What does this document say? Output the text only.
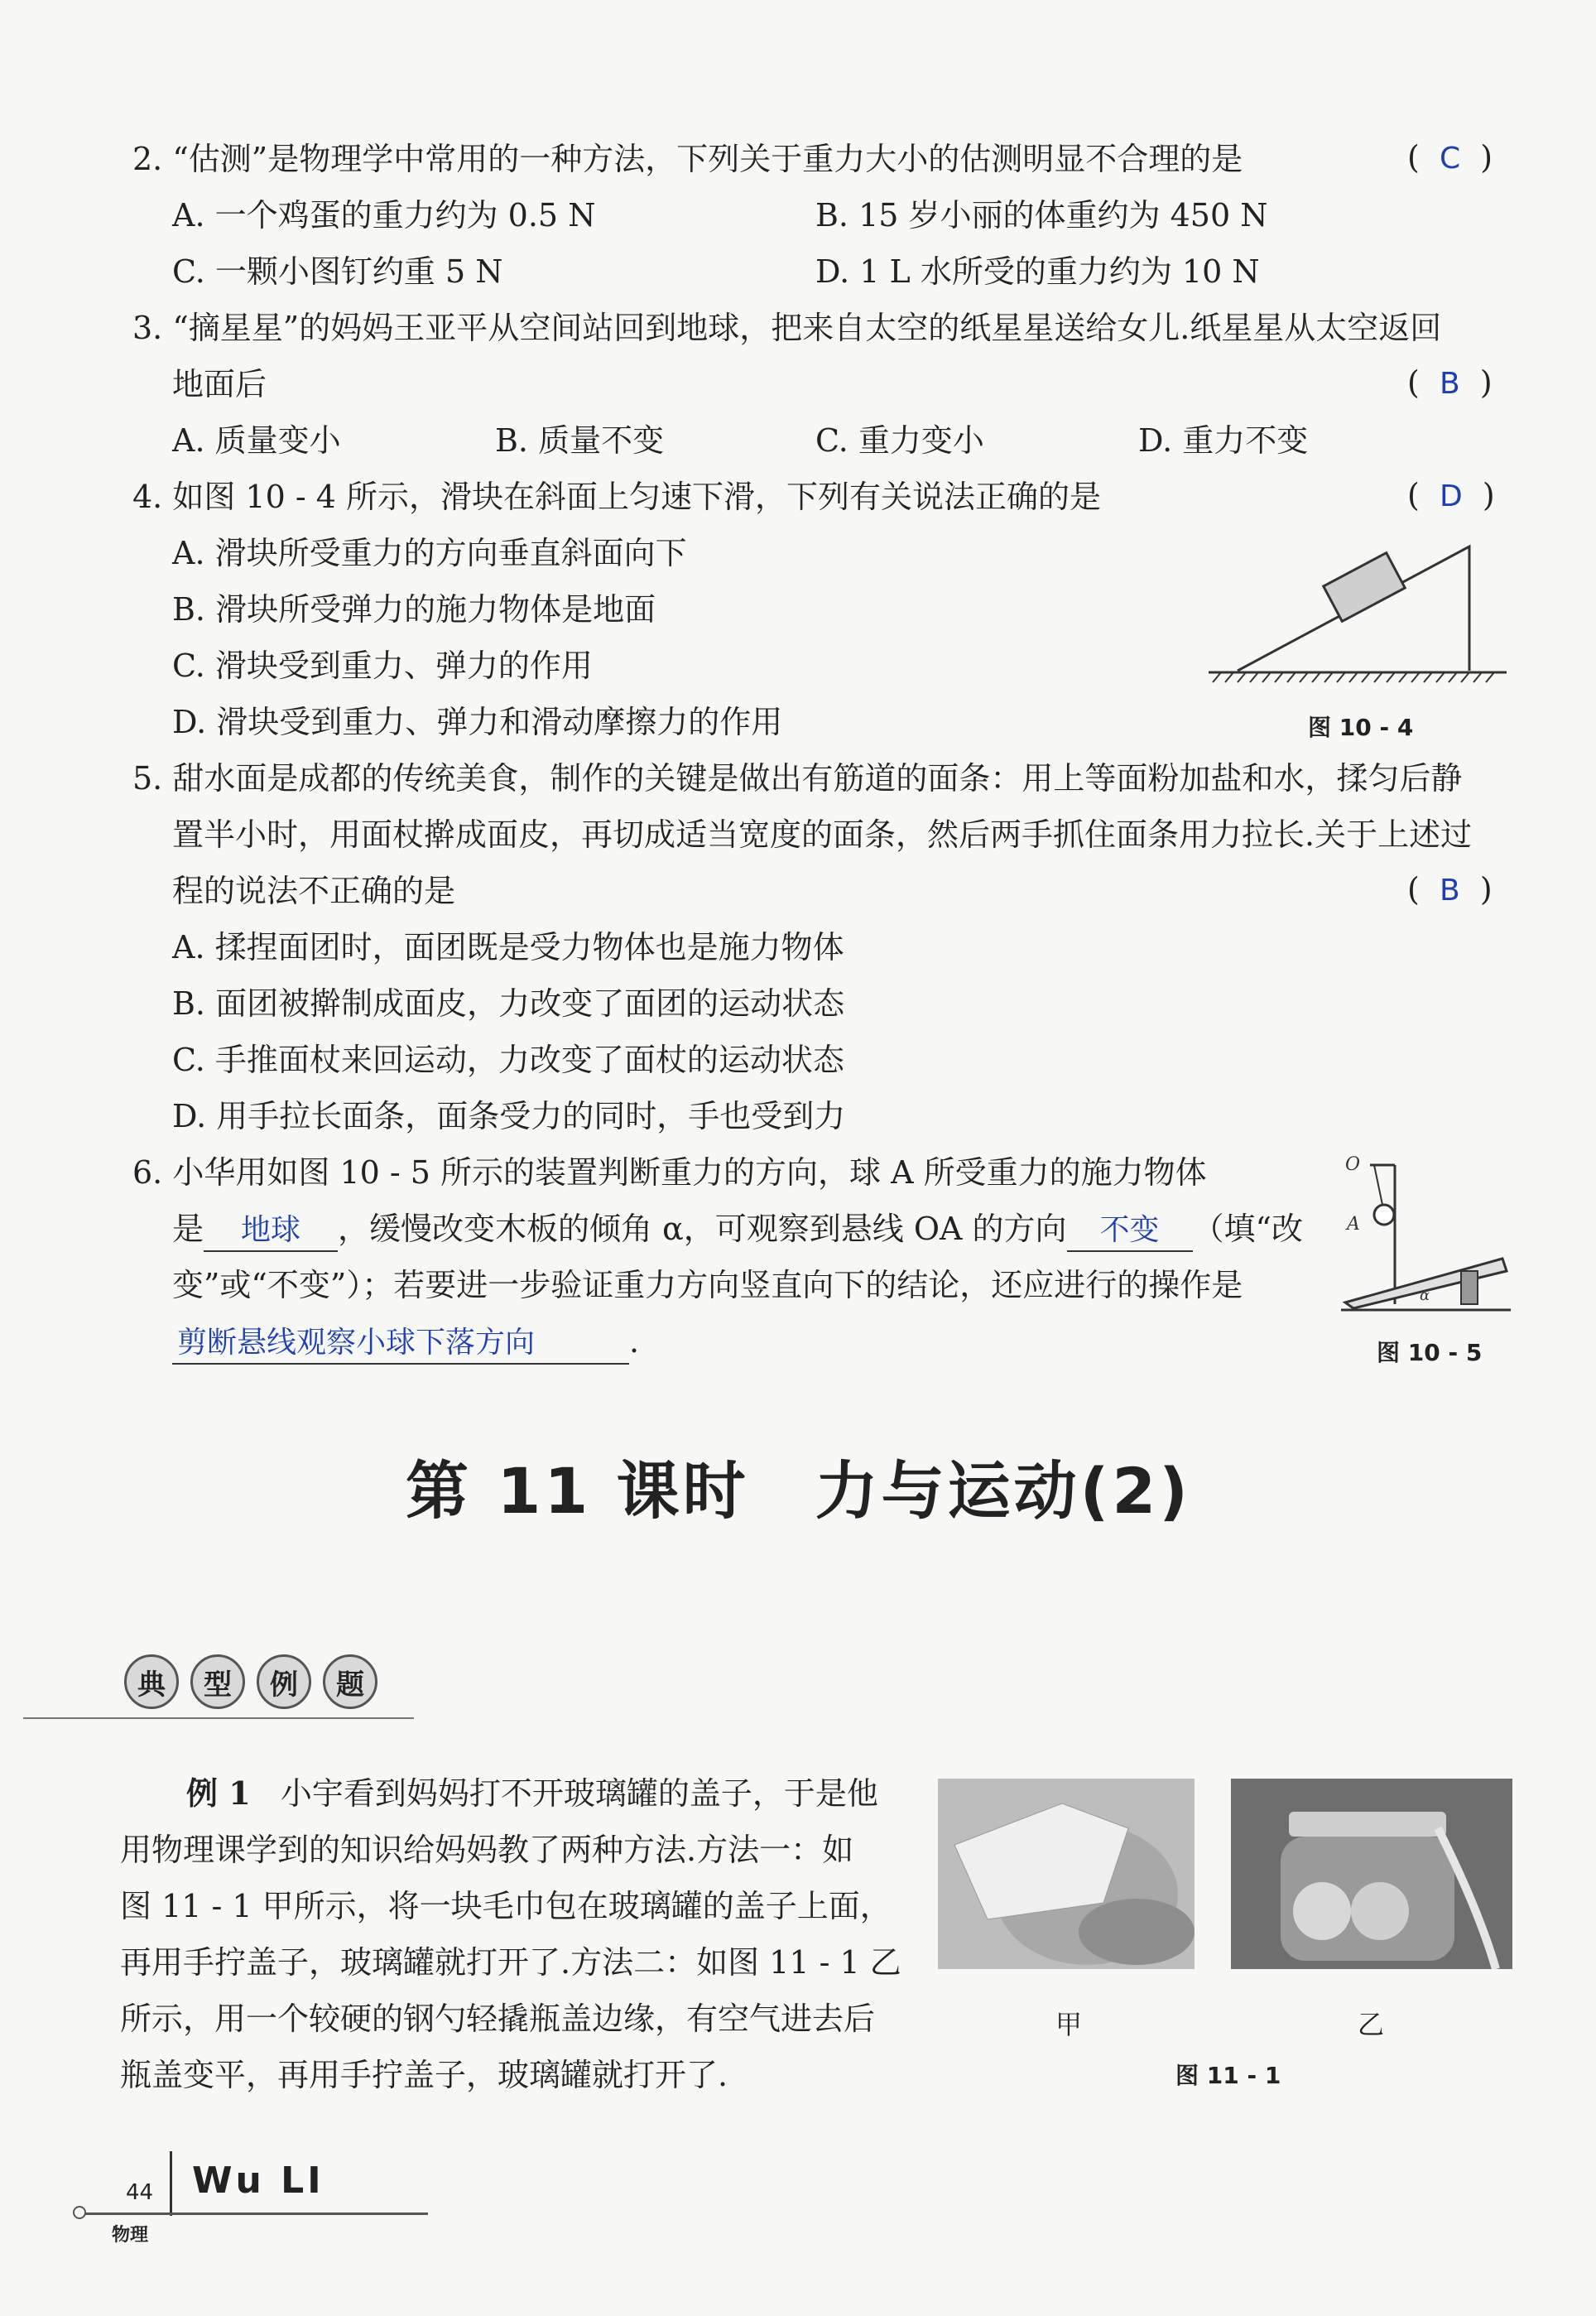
2. “估测”是物理学中常用的一种方法，下列关于重力大小的估测明显不合理的是	(  C  )
A. 一个鸡蛋的重力约为 0.5 N	B. 15 岁小丽的体重约为 450 N
C. 一颗小图钉约重 5 N	D. 1 L 水所受的重力约为 10 N
3. “摘星星”的妈妈王亚平从空间站回到地球，把来自太空的纸星星送给女儿.纸星星从太空返回
地面后	(  B  )
A. 质量变小	B. 质量不变	C. 重力变小	D. 重力不变
4. 如图 10 - 4 所示，滑块在斜面上匀速下滑，下列有关说法正确的是	(  D  )
A. 滑块所受重力的方向垂直斜面向下
B. 滑块所受弹力的施力物体是地面
C. 滑块受到重力、弹力的作用
D. 滑块受到重力、弹力和滑动摩擦力的作用	图 10 - 4
5. 甜水面是成都的传统美食，制作的关键是做出有筋道的面条：用上等面粉加盐和水，揉匀后静
置半小时，用面杖擀成面皮，再切成适当宽度的面条，然后两手抓住面条用力拉长.关于上述过
程的说法不正确的是	(  B  )
A. 揉捏面团时，面团既是受力物体也是施力物体
B. 面团被擀制成面皮，力改变了面团的运动状态
C. 手推面杖来回运动，力改变了面杖的运动状态
D. 用手拉长面条，面条受力的同时，手也受到力
6. 小华用如图 10 - 5 所示的装置判断重力的方向，球 A 所受重力的施力物体
是 地球 ，缓慢改变木板的倾角 α，可观察到悬线 OA 的方向 不变 （填“改
变”或“不变”）；若要进一步验证重力方向竖直向下的结论，还应进行的操作是
剪断悬线观察小球下落方向	.
O
A
α
图 10 - 5
第 11 课时　力与运动(2)
典	型	例	题
例 1 小宇看到妈妈打不开玻璃罐的盖子，于是他
用物理课学到的知识给妈妈教了两种方法.方法一：如
图 11 - 1 甲所示，将一块毛巾包在玻璃罐的盖子上面，
再用手拧盖子，玻璃罐就打开了.方法二：如图 11 - 1 乙
所示，用一个较硬的钢勺轻撬瓶盖边缘，有空气进去后
瓶盖变平，再用手拧盖子，玻璃罐就打开了.
甲	乙
图 11 - 1
44 Wu LI
物理
